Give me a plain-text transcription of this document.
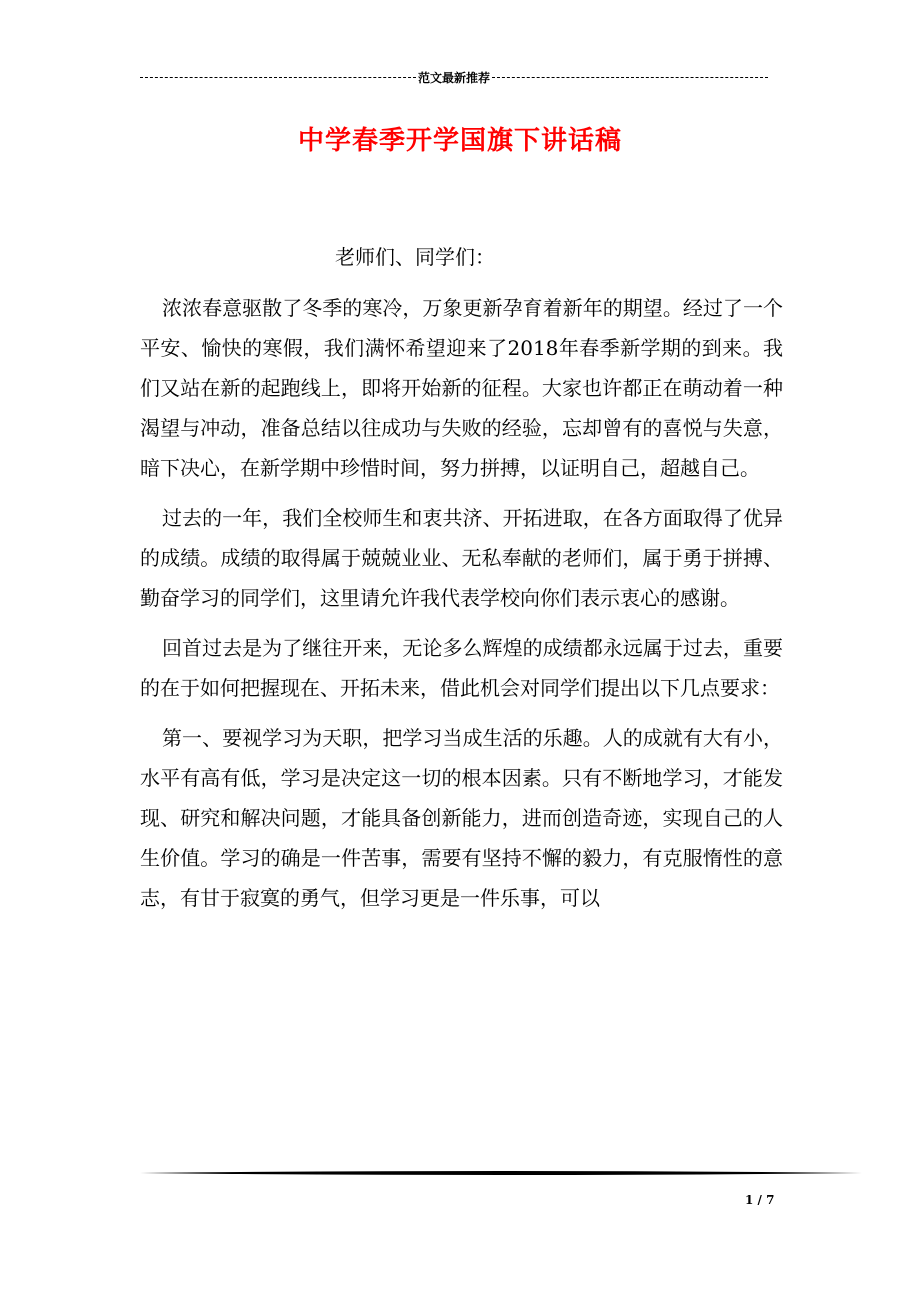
范文最新推荐
中学春季开学国旗下讲话稿

老师们、同学们：

浓浓春意驱散了冬季的寒冷，万象更新孕育着新年的期望。经过了一个平安、愉快的寒假，我们满怀希望迎来了2018年春季新学期的到来。我们又站在新的起跑线上，即将开始新的征程。大家也许都正在萌动着一种渴望与冲动，准备总结以往成功与失败的经验，忘却曾有的喜悦与失意，暗下决心，在新学期中珍惜时间，努力拼搏，以证明自己，超越自己。

过去的一年，我们全校师生和衷共济、开拓进取，在各方面取得了优异的成绩。成绩的取得属于兢兢业业、无私奉献的老师们，属于勇于拼搏、勤奋学习的同学们，这里请允许我代表学校向你们表示衷心的感谢。

回首过去是为了继往开来，无论多么辉煌的成绩都永远属于过去，重要的在于如何把握现在、开拓未来，借此机会对同学们提出以下几点要求：

第一、要视学习为天职，把学习当成生活的乐趣。人的成就有大有小，水平有高有低，学习是决定这一切的根本因素。只有不断地学习，才能发现、研究和解决问题，才能具备创新能力，进而创造奇迹，实现自己的人生价值。学习的确是一件苦事，需要有坚持不懈的毅力，有克服惰性的意志，有甘于寂寞的勇气，但学习更是一件乐事，可以

1 / 7
